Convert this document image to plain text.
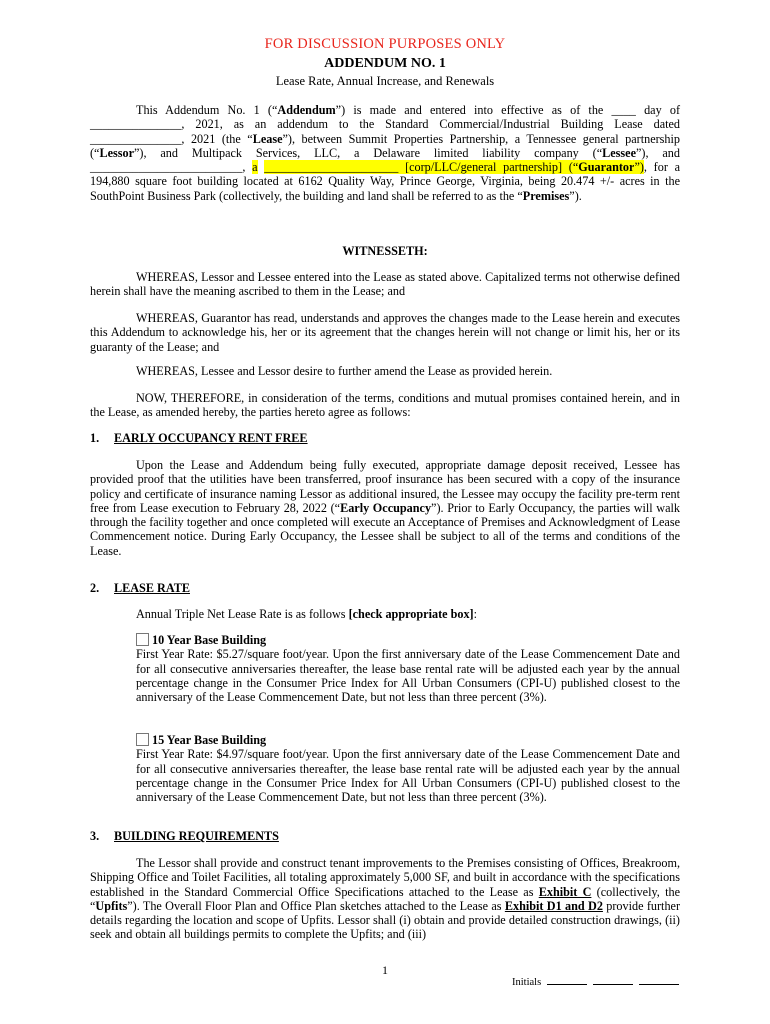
FOR DISCUSSION PURPOSES ONLY
ADDENDUM NO. 1
Lease Rate, Annual Increase, and Renewals
This Addendum No. 1 (“Addendum”) is made and entered into effective as of the ____ day of _______________, 2021, as an addendum to the Standard Commercial/Industrial Building Lease dated _______________, 2021 (the “Lease”), between Summit Properties Partnership, a Tennessee general partnership (“Lessor”), and Multipack Services, LLC, a Delaware limited liability company (“Lessee”), and _________________________, a ______________________ [corp/LLC/general partnership] (“Guarantor”), for a 194,880 square foot building located at 6162 Quality Way, Prince George, Virginia, being 20.474 +/- acres in the SouthPoint Business Park (collectively, the building and land shall be referred to as the “Premises”).
WITNESSETH:
WHEREAS, Lessor and Lessee entered into the Lease as stated above. Capitalized terms not otherwise defined herein shall have the meaning ascribed to them in the Lease; and
WHEREAS, Guarantor has read, understands and approves the changes made to the Lease herein and executes this Addendum to acknowledge his, her or its agreement that the changes herein will not change or limit his, her or its guaranty of the Lease; and
WHEREAS, Lessee and Lessor desire to further amend the Lease as provided herein.
NOW, THEREFORE, in consideration of the terms, conditions and mutual promises contained herein, and in the Lease, as amended hereby, the parties hereto agree as follows:
1. EARLY OCCUPANCY RENT FREE
Upon the Lease and Addendum being fully executed, appropriate damage deposit received, Lessee has provided proof that the utilities have been transferred, proof insurance has been secured with a copy of the insurance policy and certificate of insurance naming Lessor as additional insured, the Lessee may occupy the facility pre-term rent free from Lease execution to February 28, 2022 (“Early Occupancy”). Prior to Early Occupancy, the parties will walk through the facility together and once completed will execute an Acceptance of Premises and Acknowledgment of Lease Commencement notice. During Early Occupancy, the Lessee shall be subject to all of the terms and conditions of the Lease.
2. LEASE RATE
Annual Triple Net Lease Rate is as follows [check appropriate box]:
10 Year Base Building
First Year Rate: $5.27/square foot/year. Upon the first anniversary date of the Lease Commencement Date and for all consecutive anniversaries thereafter, the lease base rental rate will be adjusted each year by the annual percentage change in the Consumer Price Index for All Urban Consumers (CPI-U) published closest to the anniversary of the Lease Commencement Date, but not less than three percent (3%).
15 Year Base Building
First Year Rate: $4.97/square foot/year. Upon the first anniversary date of the Lease Commencement Date and for all consecutive anniversaries thereafter, the lease base rental rate will be adjusted each year by the annual percentage change in the Consumer Price Index for All Urban Consumers (CPI-U) published closest to the anniversary of the Lease Commencement Date, but not less than three percent (3%).
3. BUILDING REQUIREMENTS
The Lessor shall provide and construct tenant improvements to the Premises consisting of Offices, Breakroom, Shipping Office and Toilet Facilities, all totaling approximately 5,000 SF, and built in accordance with the specifications established in the Standard Commercial Office Specifications attached to the Lease as Exhibit C (collectively, the “Upfits”). The Overall Floor Plan and Office Plan sketches attached to the Lease as Exhibit D1 and D2 provide further details regarding the location and scope of Upfits. Lessor shall (i) obtain and provide detailed construction drawings, (ii) seek and obtain all buildings permits to complete the Upfits; and (iii)
1
Initials
